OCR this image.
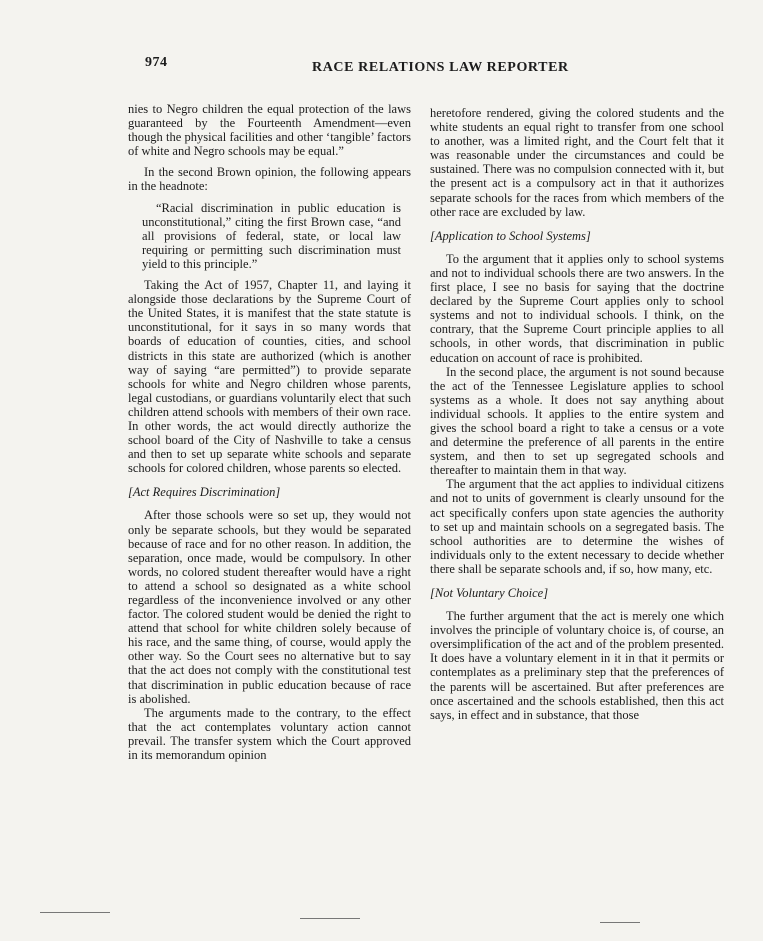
974	RACE RELATIONS LAW REPORTER

nies to Negro children the equal protection of the laws guaranteed by the Fourteenth Amendment—even though the physical facilities and other ‘tangible’ factors of white and Negro schools may be equal.”

In the second Brown opinion, the following appears in the headnote:

“Racial discrimination in public education is unconstitutional,” citing the first Brown case, “and all provisions of federal, state, or local law requiring or permitting such discrimination must yield to this principle.”

Taking the Act of 1957, Chapter 11, and laying it alongside those declarations by the Supreme Court of the United States, it is manifest that the state statute is unconstitutional, for it says in so many words that boards of education of counties, cities, and school districts in this state are authorized (which is another way of saying “are permitted”) to provide separate schools for white and Negro children whose parents, legal custodians, or guardians voluntarily elect that such children attend schools with members of their own race. In other words, the act would directly authorize the school board of the City of Nashville to take a census and then to set up separate white schools and separate schools for colored children, whose parents so elected.

[Act Requires Discrimination]

After those schools were so set up, they would not only be separate schools, but they would be separated because of race and for no other reason. In addition, the separation, once made, would be compulsory. In other words, no colored student thereafter would have a right to attend a school so designated as a white school regardless of the inconvenience involved or any other factor. The colored student would be denied the right to attend that school for white children solely because of his race, and the same thing, of course, would apply the other way. So the Court sees no alternative but to say that the act does not comply with the constitutional test that discrimination in public education because of race is abolished.

The arguments made to the contrary, to the effect that the act contemplates voluntary action cannot prevail. The transfer system which the Court approved in its memorandum opinion

heretofore rendered, giving the colored students and the white students an equal right to transfer from one school to another, was a limited right, and the Court felt that it was reasonable under the circumstances and could be sustained. There was no compulsion connected with it, but the present act is a compulsory act in that it authorizes separate schools for the races from which members of the other race are excluded by law.

[Application to School Systems]

To the argument that it applies only to school systems and not to individual schools there are two answers. In the first place, I see no basis for saying that the doctrine declared by the Supreme Court applies only to school systems and not to individual schools. I think, on the contrary, that the Supreme Court principle applies to all schools, in other words, that discrimination in public education on account of race is prohibited.

In the second place, the argument is not sound because the act of the Tennessee Legislature applies to school systems as a whole. It does not say anything about individual schools. It applies to the entire system and gives the school board a right to take a census or a vote and determine the preference of all parents in the entire system, and then to set up segregated schools and thereafter to maintain them in that way.

The argument that the act applies to individual citizens and not to units of government is clearly unsound for the act specifically confers upon state agencies the authority to set up and maintain schools on a segregated basis. The school authorities are to determine the wishes of individuals only to the extent necessary to decide whether there shall be separate schools and, if so, how many, etc.

[Not Voluntary Choice]

The further argument that the act is merely one which involves the principle of voluntary choice is, of course, an oversimplification of the act and of the problem presented. It does have a voluntary element in it in that it permits or contemplates as a preliminary step that the preferences of the parents will be ascertained. But after preferences are once ascertained and the schools established, then this act says, in effect and in substance, that those
